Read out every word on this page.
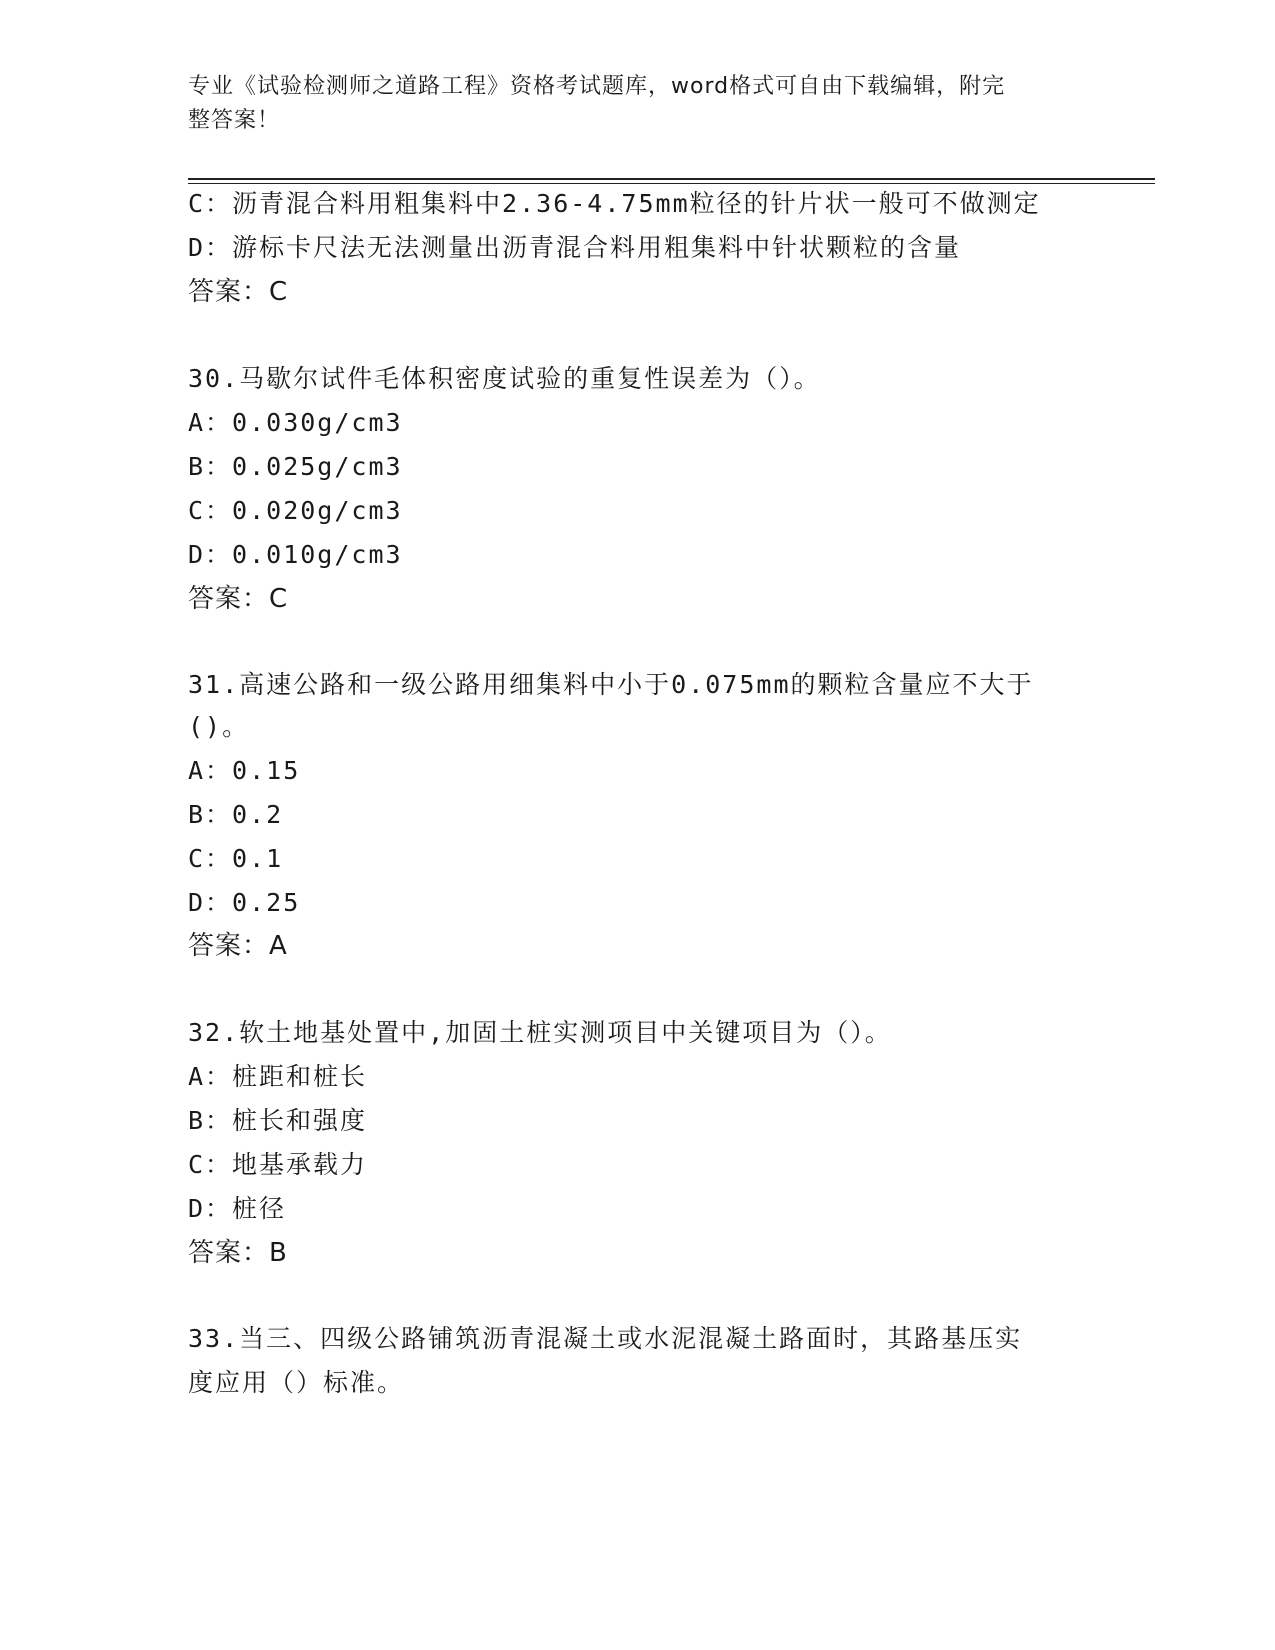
专业《试验检测师之道路工程》资格考试题库，word格式可自由下载编辑，附完
整答案！
C：沥青混合料用粗集料中2.36-4.75mm粒径的针片状一般可不做测定
D：游标卡尺法无法测量出沥青混合料用粗集料中针状颗粒的含量
答案：C
30.马歇尔试件毛体积密度试验的重复性误差为（）。
A：0.030g/cm3
B：0.025g/cm3
C：0.020g/cm3
D：0.010g/cm3
答案：C
31.高速公路和一级公路用细集料中小于0.075mm的颗粒含量应不大于
()。
A：0.15
B：0.2
C：0.1
D：0.25
答案：A
32.软土地基处置中,加固土桩实测项目中关键项目为（）。
A：桩距和桩长
B：桩长和强度
C：地基承载力
D：桩径
答案：B
33.当三、四级公路铺筑沥青混凝土或水泥混凝土路面时，其路基压实
度应用（）标准。
